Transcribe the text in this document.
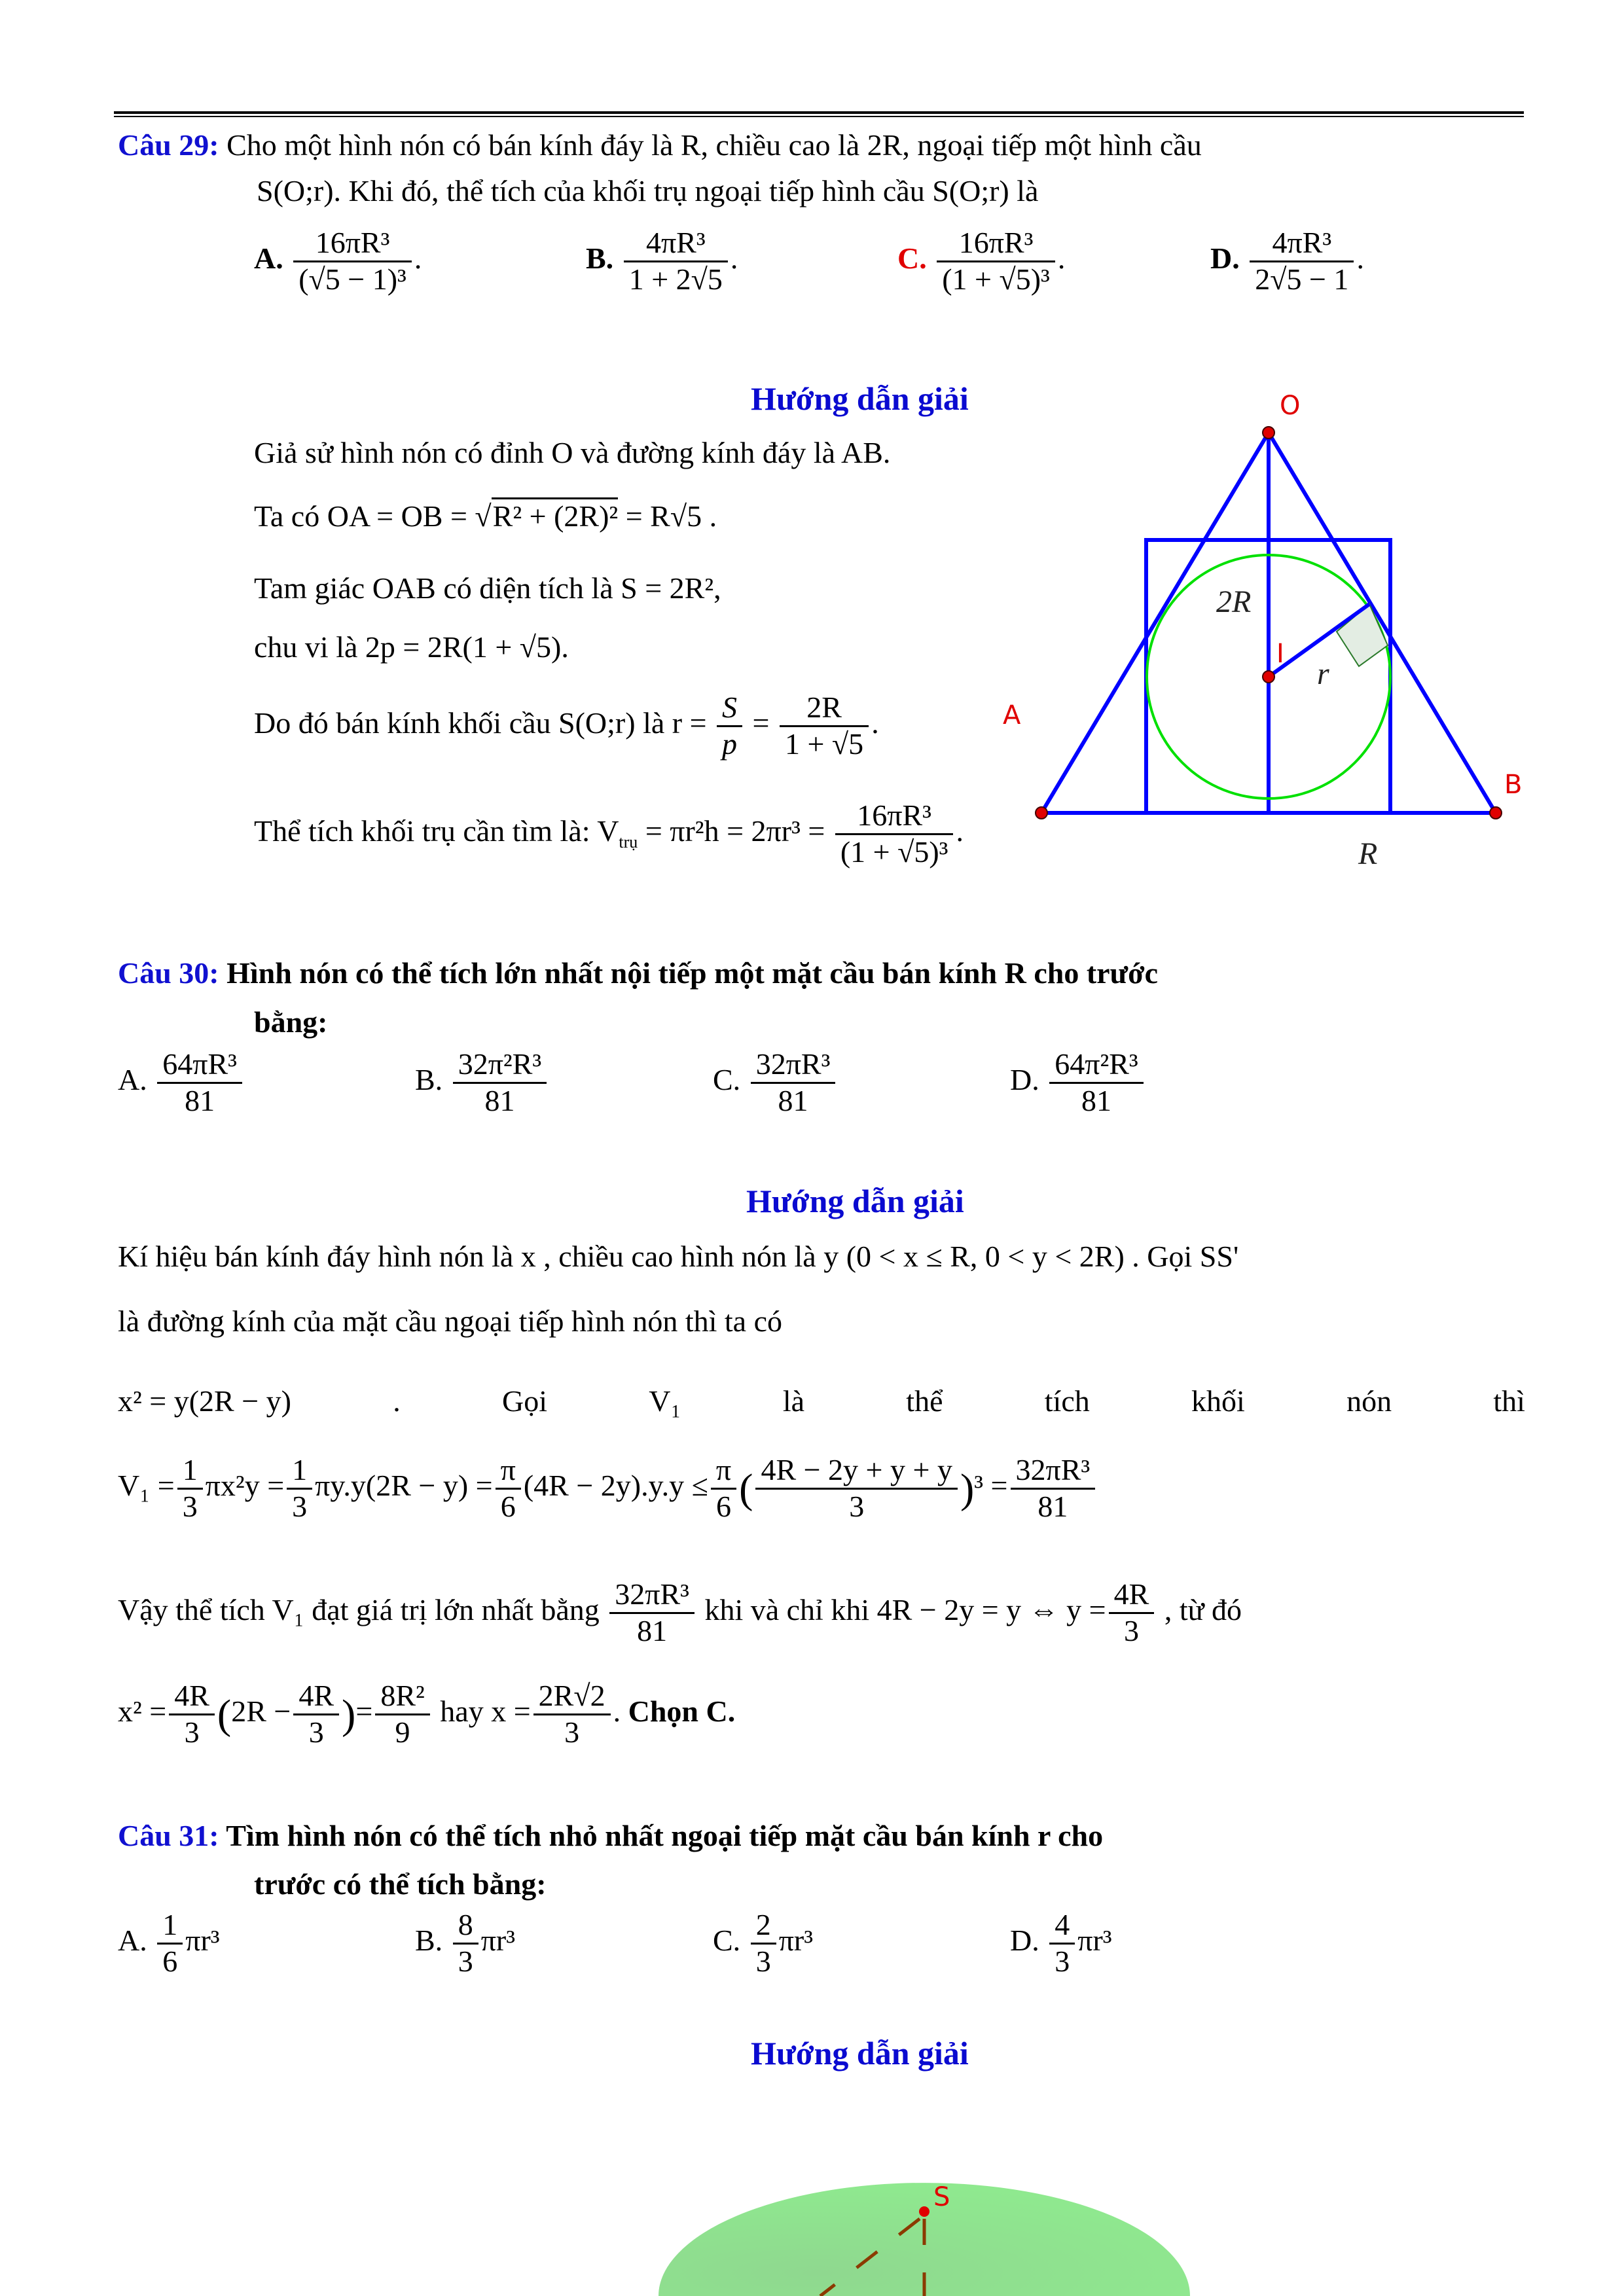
Câu 29: Cho một hình nón có bán kính đáy là R, chiều cao là 2R, ngoại tiếp một hình cầu
S(O;r). Khi đó, thể tích của khối trụ ngoại tiếp hình cầu S(O;r) là
A. $\frac{\text{16πR³}}{\text{(√5 − 1)³}}$ .	B. $\frac{\text{4πR³}}{1 + 2√5}$ .	C. $\frac{\text{16πR³}}{\text{(1 + √5)³}}$ .	D. $\frac{\text{4πR³}}{2√5 - 1}$ .
Hướng dẫn giải
Giả sử hình nón có đỉnh O và đường kính đáy là AB.
Ta có OA = OB = √R² + (2R)² = R√5 .
Tam giác OAB có diện tích là S = 2R²,
chu vi là 2p = 2R(1 + √5).
Do đó bán kính khối cầu S(O;r) là $r = \frac{S}{p} = \frac{2R}{1 + √5}$ .
Thể tích khối trụ cần tìm là: $V_{trụ} = \pi r^2h = 2\pi r^3 = \frac{\text{16πR³}}{\text{(1 + √5)³}}$ .
O
A
B
I
2R
r
R
Câu 30: Hình nón có thể tích lớn nhất nội tiếp một mặt cầu bán kính R cho trước
bằng:
A. $\frac{\text{64πR³}}{81}$	B. $\frac{\text{32π²R³}}{81}$	C. $\frac{\text{32πR³}}{81}$	D. $\frac{\text{64π²R³}}{81}$
Hướng dẫn giải
Kí hiệu bán kính đáy hình nón là x , chiều cao hình nón là y (0 < x ≤ R, 0 < y < 2R) . Gọi SS'
là đường kính của mặt cầu ngoại tiếp hình nón thì ta có
x² = y(2R − y)	.	Gọi	V₁	là	thể	tích	khối	nón	thì
$V_1 = \frac{1}{3} \pi x^2y = \frac{1}{3} \pi y.y(2R - y) = \frac{\pi}{6} (4R - 2y).y.y \le \frac{\pi}{6}$ ( $\frac{4R - 2y + y + y}{3} )^3 = \frac{\text{32πR³}}{81}$
Vậy thể tích V₁ đạt giá trị lớn nhất bằng $\frac{\text{32πR³}}{81}$ khi và chỉ khi 4R − 2y = y ⇔ $y = \frac{4R}{3}$ , từ đó
$x^2 = \frac{4R}{3} (2R - \frac{4R}{3}$ )= $\frac{\text{8R²}}{9}$ hay $x = \frac{2R√2}{3}$ . Chọn C.
Câu 31: Tìm hình nón có thể tích nhỏ nhất ngoại tiếp mặt cầu bán kính r cho
trước có thể tích bằng:
A. $\frac{1}{6} \pi r^3$	B. $\frac{8}{3} \pi r^3$	C. $\frac{2}{3} \pi r^3$	D. $\frac{4}{3} \pi r^3$
Hướng dẫn giải
S
